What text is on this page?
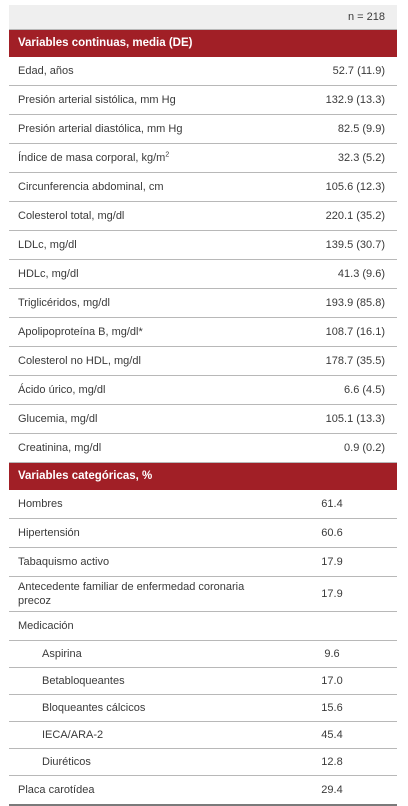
	n = 218
Variables continuas, media (DE)	
Edad, años	52.7 (11.9)
Presión arterial sistólica, mm Hg	132.9 (13.3)
Presión arterial diastólica, mm Hg	82.5 (9.9)
Índice de masa corporal, $kg/m^2$	32.3 (5.2)
Circunferencia abdominal, cm	105.6 (12.3)
Colesterol total, mg/dl	220.1 (35.2)
LDLc, mg/dl	139.5 (30.7)
HDLc, mg/dl	41.3 (9.6)
Triglicéridos, mg/dl	193.9 (85.8)
Apolipoproteína B, mg/dl*	108.7 (16.1)
Colesterol no HDL, mg/dl	178.7 (35.5)
Ácido úrico, mg/dl	6.6 (4.5)
Glucemia, mg/dl	105.1 (13.3)
Creatinina, mg/dl	0.9 (0.2)
Variables categóricas, %	
Hombres	61.4
Hipertensión	60.6
Tabaquismo activo	17.9
Antecedente familiar de enfermedad coronaria precoz	17.9
Medicación	
Aspirina	9.6
Betabloqueantes	17.0
Bloqueantes cálcicos	15.6
IECA/ARA-2	45.4
Diuréticos	12.8
Placa carotídea	29.4
